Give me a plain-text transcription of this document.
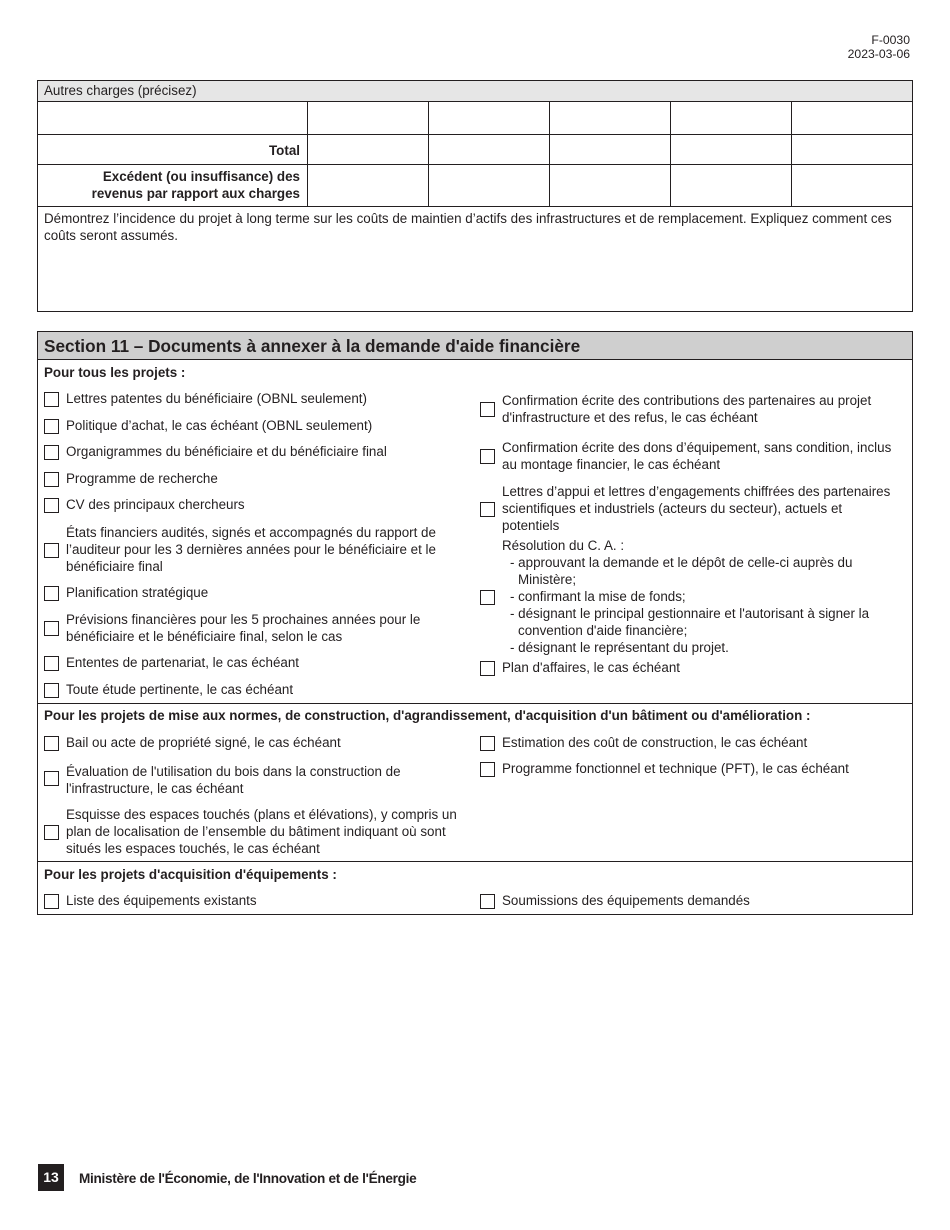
F-0030
2023-03-06
Autres charges (précisez)
Total
Excédent (ou insuffisance) des revenus par rapport aux charges
Démontrez l’incidence du projet à long terme sur les coûts de maintien d’actifs des infrastructures et de remplacement. Expliquez comment ces coûts seront assumés.
Section 11 – Documents à annexer à la demande d'aide financière
Pour tous les projets :
Lettres patentes du bénéficiaire (OBNL seulement)
Politique d’achat, le cas échéant (OBNL seulement)
Organigrammes du bénéficiaire et du bénéficiaire final
Programme de recherche
CV des principaux chercheurs
États financiers audités, signés et accompagnés du rapport de l’auditeur pour les 3 dernières années pour le bénéficiaire et le bénéficiaire final
Planification stratégique
Prévisions financières pour les 5 prochaines années pour le bénéficiaire et le bénéficiaire final, selon le cas
Ententes de partenariat, le cas échéant
Toute étude pertinente, le cas échéant
Confirmation écrite des contributions des partenaires au projet d'infrastructure et des refus, le cas échéant
Confirmation écrite des dons d’équipement, sans condition, inclus au montage financier, le cas échéant
Lettres d’appui et lettres d’engagements chiffrées des partenaires scientifiques et industriels (acteurs du secteur), actuels et potentiels
Résolution du C. A. :
- approuvant la demande et le dépôt de celle-ci auprès du Ministère;
- confirmant la mise de fonds;
- désignant le principal gestionnaire et l'autorisant à signer la convention d'aide financière;
- désignant le représentant du projet.
Plan d'affaires, le cas échéant
Pour les projets de mise aux normes, de construction, d'agrandissement, d'acquisition d'un bâtiment ou d'amélioration :
Bail ou acte de propriété signé, le cas échéant
Évaluation de l'utilisation du bois dans la construction de l'infrastructure, le cas échéant
Esquisse des espaces touchés (plans et élévations), y compris un plan de localisation de l’ensemble du bâtiment indiquant où sont situés les espaces touchés, le cas échéant
Estimation des coût de construction, le cas échéant
Programme fonctionnel et technique (PFT), le cas échéant
Pour les projets d'acquisition d'équipements :
Liste des équipements existants	Soumissions des équipements demandés
13	Ministère de l'Économie, de l'Innovation et de l'Énergie
